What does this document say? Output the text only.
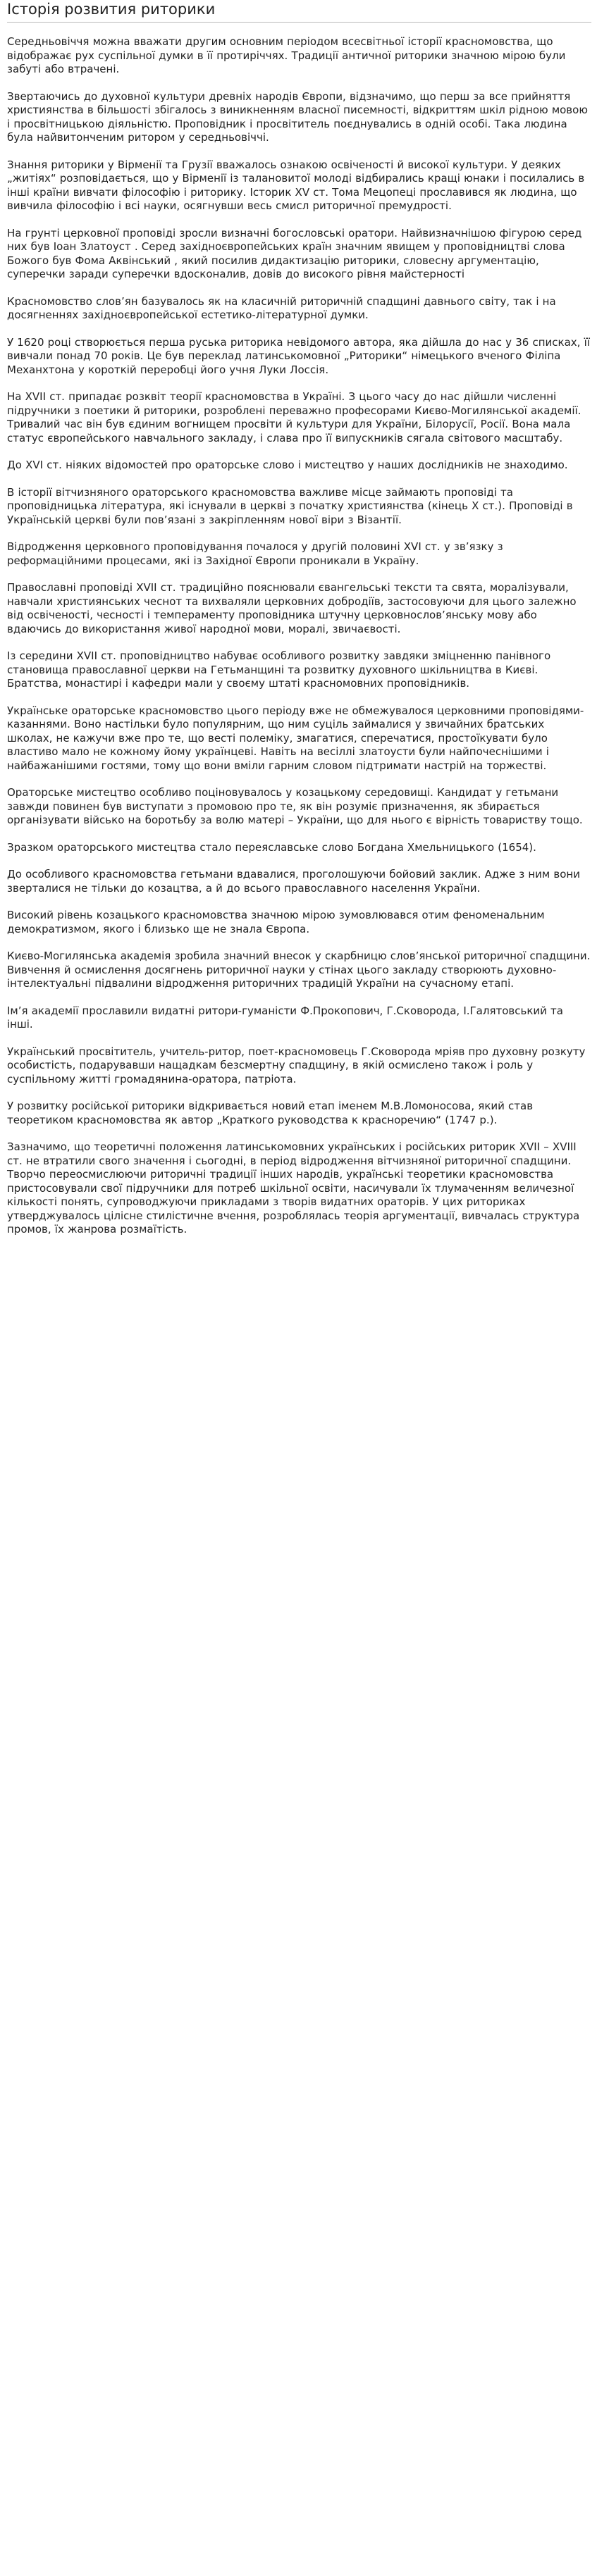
Історія розвития риторики

Середньовіччя можна вважати другим основним періодом всесвітньої історії красномовства, що відображає рух суспільної думки в її протиріччях. Традиції античної риторики значною мірою були забуті або втрачені.

Звертаючись до духовної культури древніх народів Європи, відзначимо, що перш за все прийняття християнства в більшості збігалось з виникненням власної писемності, відкриттям шкіл рідною мовою і просвітницькою діяльністю. Проповідник і просвітитель поєднувались в одній особі. Така людина була найвитонченим ритором у середньовіччі.

Знання риторики у Вірменії та Грузії вважалось ознакою освіченості й високої культури. У деяких „житіях“ розповідається, що у Вірменії із талановитої молоді відбирались кращі юнаки і посилались в інші країни вивчати філософію і риторику. Історик XV ст. Тома Мецопеці прославився як людина, що вивчила філософію і всі науки, осягнувши весь смисл риторичної премудрості.

На грунті церковної проповіді зросли визначні богословські оратори. Найвизначнішою фігурою серед них був Іоан Златоуст . Серед західноєвропейських країн значним явищем у проповідництві слова Божого був Фома Аквінський , який посилив дидактизацію риторики, словесну аргументацію, суперечки заради суперечки вдосконалив, довів до високого рівня майстерності

Красномовство слов’ян базувалось як на класичній риторичній спадщині давнього світу, так і на досягненнях західноєвропейської естетико-літературної думки.

У 1620 році створюється перша руська риторика невідомого автора, яка дійшла до нас у 36 списках, її вивчали понад 70 років. Це був переклад латинськомовної „Риторики“ німецького вченого Філіпа Механхтона у короткій переробці його учня Луки Лоссія.

На XVII ст. припадає розквіт теорії красномовства в Україні. З цього часу до нас дійшли численні підручники з поетики й риторики, розроблені переважно професорами Києво-Могилянської академії. Тривалий час він був єдиним вогнищем просвіти й культури для України, Білорусії, Росії. Вона мала статус європейського навчального закладу, і слава про її випускників сягала світового масштабу.

До XVI ст. ніяких відомостей про ораторське слово і мистецтво у наших дослідників не знаходимо.

В історії вітчизняного ораторського красномовства важливе місце займають проповіді та проповідницька література, які існували в церкві з початку християнства (кінець X ст.). Проповіді в Українській церкві були пов’язані з закріпленням нової віри з Візантії.

Відродження церковного проповідування почалося у другій половині XVI ст. у зв’язку з реформаційними процесами, які із Західної Європи проникали в Україну.

Православні проповіді XVII ст. традиційно пояснювали євангельські тексти та свята, моралізували, навчали християнських чеснот та вихваляли церковних добродіїв, застосовуючи для цього залежно від освіченості, чесності і темпераменту проповідника штучну церковнослов’янську мову або вдаючись до використання живої народної мови, моралі, звичаєвості.

Із середини XVII ст. проповідництво набуває особливого розвитку завдяки зміцненню панівного становища православної церкви на Гетьманщині та розвитку духовного шкільництва в Києві. Братства, монастирі і кафедри мали у своєму штаті красномовних проповідників.

Українське ораторське красномовство цього періоду вже не обмежувалося церковними проповідями-казаннями. Воно настільки було популярним, що ним суціль займалися у звичайних братських школах, не кажучи вже про те, що весті полеміку, змагатися, сперечатися, простоїкувати було властиво мало не кожному йому українцеві. Навіть на весіллі златоусти були найпочеснішими і найбажанішими гостями, тому що вони вміли гарним словом підтримати настрій на торжестві.

Ораторське мистецтво особливо поціновувалось у козацькому середовищі. Кандидат у гетьмани завжди повинен був виступати з промовою про те, як він розуміє призначення, як збирається організувати військо на боротьбу за волю матері – України, що для нього є вірність товариству тощо.

Зразком ораторського мистецтва стало переяславське слово Богдана Хмельницького (1654).

До особливого красномовства гетьмани вдавалися, проголошуючи бойовий заклик. Адже з ним вони зверталися не тільки до козацтва, а й до всього православного населення України.

Високий рівень козацького красномовства значною мірою зумовлювався отим феноменальним демократизмом, якого і близько ще не знала Європа.

Києво-Могилянська академія зробила значний внесок у скарбницю слов’янської риторичної спадщини. Вивчення й осмислення досягнень риторичної науки у стінах цього закладу створюють духовно-інтелектуальні підвалини відродження риторичних традицій України на сучасному етапі.

Ім’я академії прославили видатні ритори-гуманісти Ф.Прокопович, Г.Сковорода, І.Галятовський та інші.

Український просвітитель, учитель-ритор, поет-красномовець Г.Сковорода мріяв про духовну розкуту особистість, подарувавши нащадкам безсмертну спадщину, в якій осмислено також і роль у суспільному житті громадянина-оратора, патріота.

У розвитку російської риторики відкривається новий етап іменем М.В.Ломоносова, який став теоретиком красномовства як автор „Краткого руководства к красноречию“ (1747 р.).

Зазначимо, що теоретичні положення латинськомовних українських і російських риторик XVII – XVIII ст. не втратили свого значення і сьогодні, в період відродження вітчизняної риторичної спадщини. Творчо переосмислюючи риторичні традиції інших народів, українські теоретики красномовства пристосовували свої підручники для потреб шкільної освіти, насичували їх тлумаченням величезної кількості понять, супроводжуючи прикладами з творів видатних ораторів. У цих риториках утверджувалось цілісне стилістичне вчення, розроблялась теорія аргументації, вивчалась структура промов, їх жанрова розмаїтість.
